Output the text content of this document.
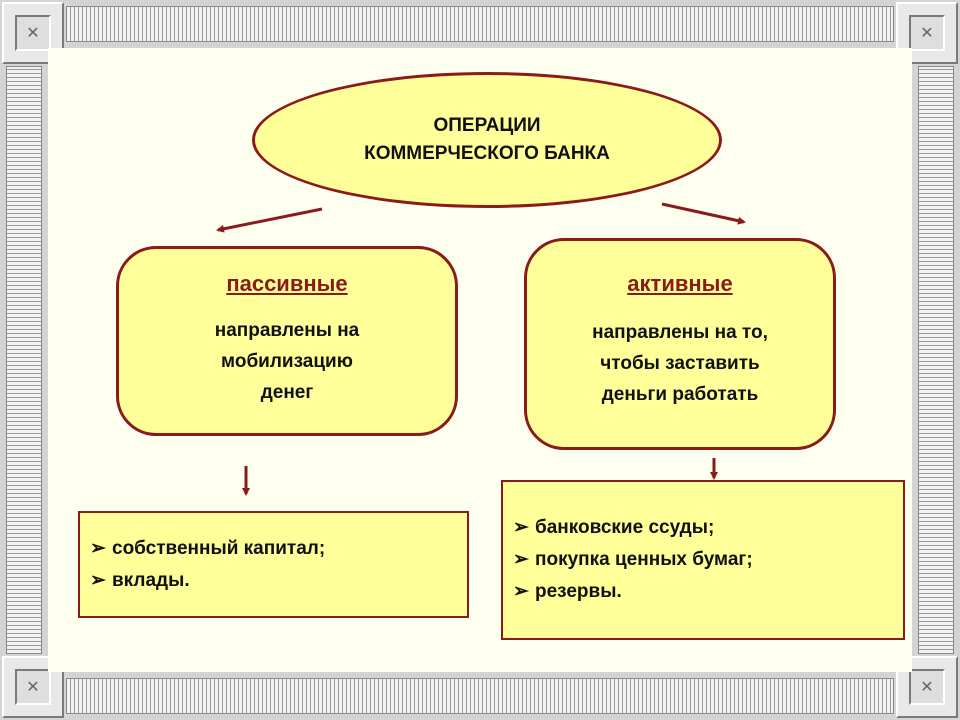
✕	✕
✕	✕
ОПЕРАЦИИ
КОММЕРЧЕСКОГО БАНКА
пассивные
направлены на
мобилизацию
денег
активные
направлены на то,
чтобы заставить
деньги работать
➢ собственный капитал;
➢ вклады.
➢ банковские ссуды;
➢ покупка ценных бумаг;
➢ резервы.
